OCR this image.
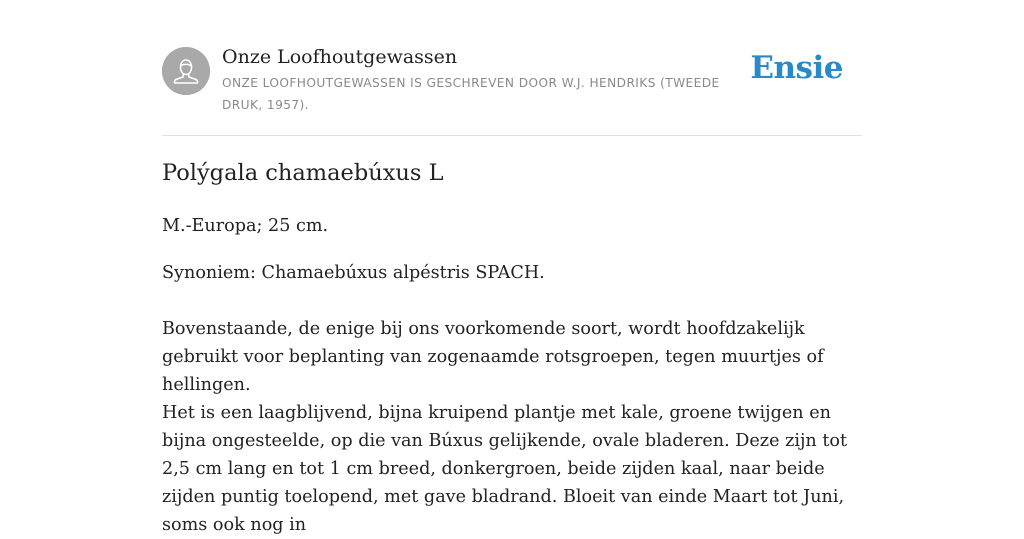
Onze Loofhoutgewassen
ONZE LOOFHOUTGEWASSEN IS GESCHREVEN DOOR W.J. HENDRIKS (TWEEDE DRUK, 1957).
Ensie
Polýgala chamaebúxus L

M.-Europa; 25 cm.

Synoniem: Chamaebúxus alpéstris SPACH.

Bovenstaande, de enige bij ons voorkomende soort, wordt hoofdzakelijk gebruikt voor beplanting van zogenaamde rotsgroepen, tegen muurtjes of hellingen.

Het is een laagblijvend, bijna kruipend plantje met kale, groene twijgen en bijna ongesteelde, op die van Búxus gelijkende, ovale bladeren. Deze zijn tot 2,5 cm lang en tot 1 cm breed, donkergroen, beide zijden kaal, naar beide zijden puntig toelopend, met gave bladrand. Bloeit van einde Maart tot Juni, soms ook nog in
